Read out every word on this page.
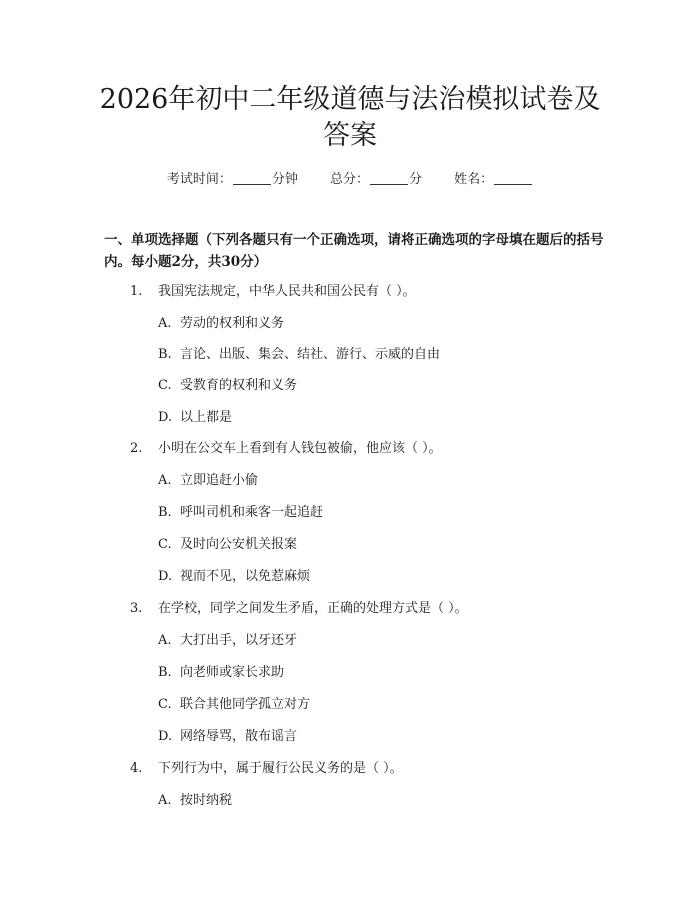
2026年初中二年级道德与法治模拟试卷及答案
考试时间：	分钟 总分：	分 姓名：
一、单项选择题（下列各题只有一个正确选项，请将正确选项的字母填在题后的括号内。每小题2分，共30分）
1. 我国宪法规定，中华人民共和国公民有（ ）。
A. 劳动的权利和义务
B. 言论、出版、集会、结社、游行、示威的自由
C. 受教育的权利和义务
D. 以上都是
2. 小明在公交车上看到有人钱包被偷，他应该（ ）。
A. 立即追赶小偷
B. 呼叫司机和乘客一起追赶
C. 及时向公安机关报案
D. 视而不见，以免惹麻烦
3. 在学校，同学之间发生矛盾，正确的处理方式是（ ）。
A. 大打出手，以牙还牙
B. 向老师或家长求助
C. 联合其他同学孤立对方
D. 网络辱骂，散布谣言
4. 下列行为中，属于履行公民义务的是（ ）。
A. 按时纳税
